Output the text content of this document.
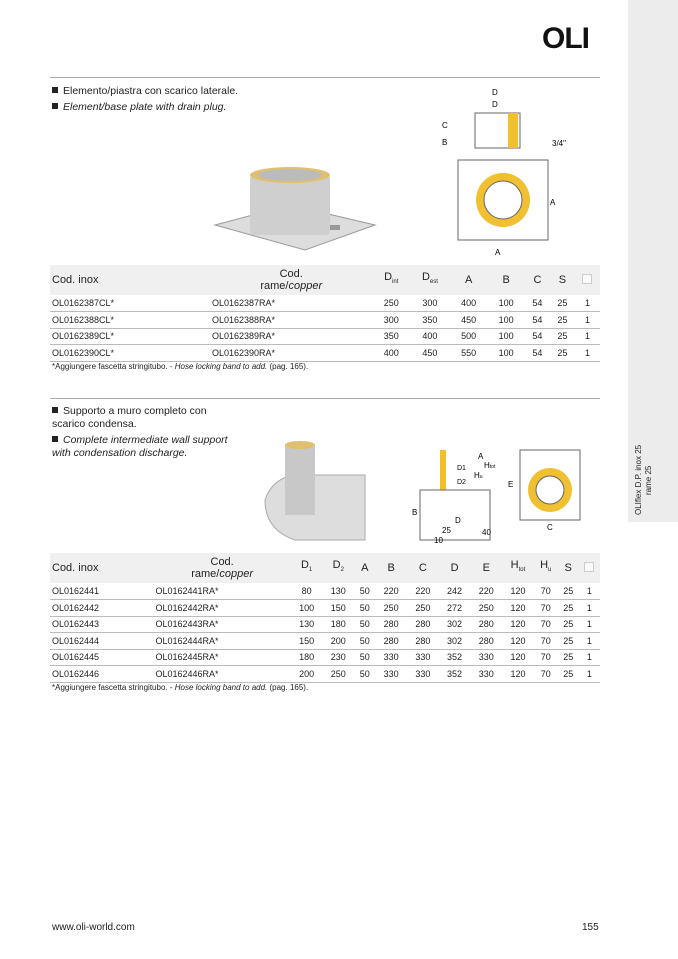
OLIflex D.P. inox 25
rame 25
OLI
Elemento/piastra con scarico laterale.
Element/base plate with drain plug.
D
D
C
B	3/4"
A
A
Cod. inox	Cod.
rame/copper	$D_{int}$	$D_{est}$	A	B	C	S	
OL0162387CL*	OL0162387RA*	250	300	400	100	54	25	1
OL0162388CL*	OL0162388RA*	300	350	450	100	54	25	1
OL0162389CL*	OL0162389RA*	350	400	500	100	54	25	1
OL0162390CL*	OL0162390RA*	400	450	550	100	54	25	1
*Aggiungere fascetta stringitubo. - Hose locking band to add. (pag. 165).
Supporto a muro completo con scarico condensa.
Complete intermediate wall support with condensation discharge.	A
Htot
Hu
D1
D2
B
D
25
10
40
E
C
Cod. inox	Cod.
rame/copper	$D_1$	$D_2$	A	B	C	D	E	$H_{tot}$	$H_u$	S	
OL0162441	OL0162441RA*	80	130	50	220	220	242	220	120	70	25	1
OL0162442	OL0162442RA*	100	150	50	250	250	272	250	120	70	25	1
OL0162443	OL0162443RA*	130	180	50	280	280	302	280	120	70	25	1
OL0162444	OL0162444RA*	150	200	50	280	280	302	280	120	70	25	1
OL0162445	OL0162445RA*	180	230	50	330	330	352	330	120	70	25	1
OL0162446	OL0162446RA*	200	250	50	330	330	352	330	120	70	25	1
*Aggiungere fascetta stringitubo. - Hose locking band to add. (pag. 165).
www.oli-world.com	155
